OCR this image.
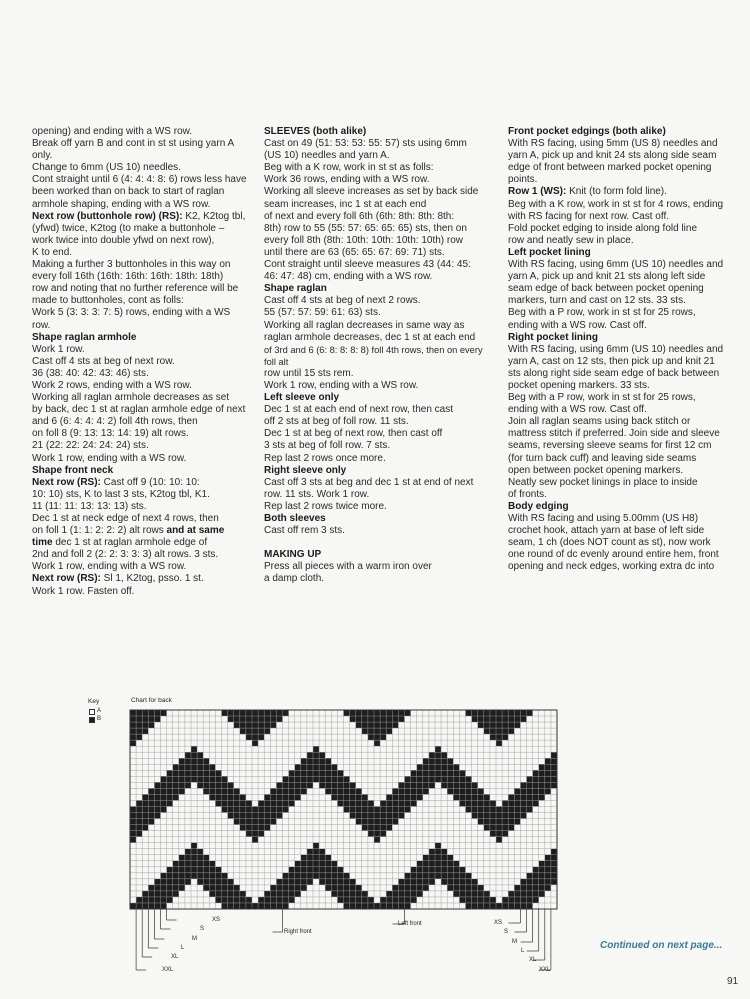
opening) and ending with a WS row.

Break off yarn B and cont in st st using yarn A only.

Change to 6mm (US 10) needles.

Cont straight until 6 (4: 4: 4: 8: 6) rows less have

been worked than on back to start of raglan

armhole shaping, ending with a WS row.

Next row (buttonhole row) (RS): K2, K2tog tbl,

(yfwd) twice, K2tog (to make a buttonhole –

work twice into double yfwd on next row),

K to end.

Making a further 3 buttonholes in this way on

every foll 16th (16th: 16th: 16th: 18th: 18th)

row and noting that no further reference will be

made to buttonholes, cont as folls:

Work 5 (3: 3: 3: 7: 5) rows, ending with a WS row.

Shape raglan armhole

Work 1 row.

Cast off 4 sts at beg of next row.

36 (38: 40: 42: 43: 46) sts.

Work 2 rows, ending with a WS row.

Working all raglan armhole decreases as set

by back, dec 1 st at raglan armhole edge of next

and 6 (6: 4: 4: 4: 2) foll 4th rows, then

on foll 8 (9: 13: 13: 14: 19) alt rows.

21 (22: 22: 24: 24: 24) sts.

Work 1 row, ending with a WS row.

Shape front neck

Next row (RS): Cast off 9 (10: 10: 10:

10: 10) sts, K to last 3 sts, K2tog tbl, K1.

11 (11: 11: 13: 13: 13) sts.

Dec 1 st at neck edge of next 4 rows, then

on foll 1 (1: 1: 2: 2: 2) alt rows and at same

time dec 1 st at raglan armhole edge of

2nd and foll 2 (2: 2: 3: 3: 3) alt rows. 3 sts.

Work 1 row, ending with a WS row.

Next row (RS): Sl 1, K2tog, psso. 1 st.

Work 1 row. Fasten off.

SLEEVES (both alike)

Cast on 49 (51: 53: 53: 55: 57) sts using 6mm

(US 10) needles and yarn A.

Beg with a K row, work in st st as folls:

Work 36 rows, ending with a WS row.

Working all sleeve increases as set by back side

seam increases, inc 1 st at each end

of next and every foll 6th (6th: 8th: 8th: 8th:

8th) row to 55 (55: 57: 65: 65: 65) sts, then on

every foll 8th (8th: 10th: 10th: 10th: 10th) row

until there are 63 (65: 65: 67: 69: 71) sts.

Cont straight until sleeve measures 43 (44: 45:

46: 47: 48) cm, ending with a WS row.

Shape raglan

Cast off 4 sts at beg of next 2 rows.

55 (57: 57: 59: 61: 63) sts.

Working all raglan decreases in same way as

raglan armhole decreases, dec 1 st at each end

of 3rd and 6 (6: 8: 8: 8: 8) foll 4th rows, then on every foll alt

row until 15 sts rem.

Work 1 row, ending with a WS row.

Left sleeve only

Dec 1 st at each end of next row, then cast

off 2 sts at beg of foll row. 11 sts.

Dec 1 st at beg of next row, then cast off

3 sts at beg of foll row. 7 sts.

Rep last 2 rows once more.

Right sleeve only

Cast off 3 sts at beg and dec 1 st at end of next

row. 11 sts. Work 1 row.

Rep last 2 rows twice more.

Both sleeves

Cast off rem 3 sts.

MAKING UP

Press all pieces with a warm iron over

a damp cloth.

Front pocket edgings (both alike)

With RS facing, using 5mm (US 8) needles and

yarn A, pick up and knit 24 sts along side seam

edge of front between marked pocket opening

points.

Row 1 (WS): Knit (to form fold line).

Beg with a K row, work in st st for 4 rows, ending

with RS facing for next row. Cast off.

Fold pocket edging to inside along fold line

row and neatly sew in place.

Left pocket lining

With RS facing, using 6mm (US 10) needles and

yarn A, pick up and knit 21 sts along left side

seam edge of back between pocket opening

markers, turn and cast on 12 sts. 33 sts.

Beg with a P row, work in st st for 25 rows,

ending with a WS row. Cast off.

Right pocket lining

With RS facing, using 6mm (US 10) needles and

yarn A, cast on 12 sts, then pick up and knit 21

sts along right side seam edge of back between

pocket opening markers. 33 sts.

Beg with a P row, work in st st for 25 rows,

ending with a WS row. Cast off.

Join all raglan seams using back stitch or

mattress stitch if preferred. Join side and sleeve

seams, reversing sleeve seams for first 12 cm

(for turn back cuff) and leaving side seams

open between pocket opening markers.

Neatly sew pocket linings in place to inside

of fronts.

Body edging

With RS facing and using 5.00mm (US H8)

crochet hook, attach yarn at base of left side

seam, 1 ch (does NOT count as st), now work

one round of dc evenly around entire hem, front

opening and neck edges, working extra dc into

Key
A
B
Chart for back
Right front
Left front
XS
S
M
L
XL
XXL
XS
S
M
L
XL
XXL
Continued on next page...
91
